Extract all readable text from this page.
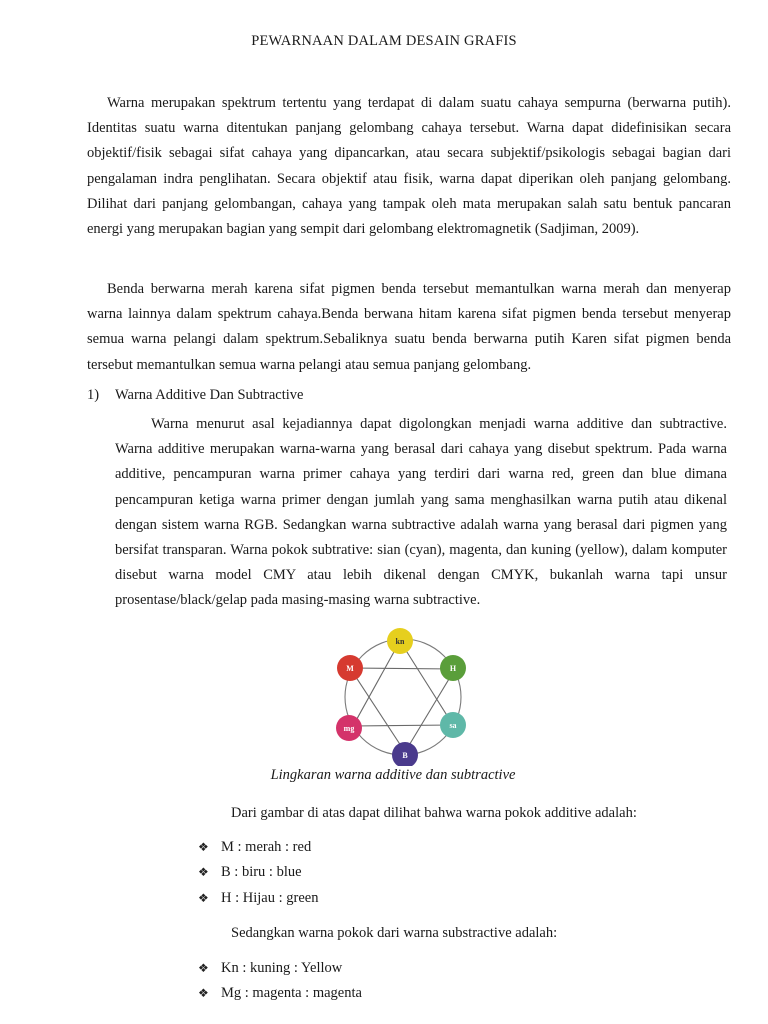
PEWARNAAN DALAM DESAIN GRAFIS

Warna merupakan spektrum tertentu yang terdapat di dalam suatu cahaya sempurna (berwarna putih). Identitas suatu warna ditentukan panjang gelombang cahaya tersebut. Warna dapat didefinisikan secara objektif/fisik sebagai sifat cahaya yang dipancarkan, atau secara subjektif/psikologis sebagai bagian dari pengalaman indra penglihatan. Secara objektif atau fisik, warna dapat diperikan oleh panjang gelombang. Dilihat dari panjang gelombangan, cahaya yang tampak oleh mata merupakan salah satu bentuk pancaran energi yang merupakan bagian yang sempit dari gelombang elektromagnetik (Sadjiman, 2009).

Benda berwarna merah karena sifat pigmen benda tersebut memantulkan warna merah dan menyerap warna lainnya dalam spektrum cahaya.Benda berwana hitam karena sifat pigmen benda tersebut menyerap semua warna pelangi dalam spektrum.Sebaliknya suatu benda berwarna putih Karen sifat pigmen benda tersebut memantulkan semua warna pelangi atau semua panjang gelombang.

1) Warna Additive Dan Subtractive

Warna menurut asal kejadiannya dapat digolongkan menjadi warna additive dan subtractive. Warna additive merupakan warna-warna yang berasal dari cahaya yang disebut spektrum. Pada warna additive, pencampuran warna primer cahaya yang terdiri dari warna red, green dan blue dimana pencampuran ketiga warna primer dengan jumlah yang sama menghasilkan warna putih atau dikenal dengan sistem warna RGB. Sedangkan warna subtractive adalah warna yang berasal dari pigmen yang bersifat transparan. Warna pokok subtrative: sian (cyan), magenta, dan kuning (yellow), dalam komputer disebut warna model CMY atau lebih dikenal dengan CMYK, bukanlah warna tapi unsur prosentase/black/gelap pada masing-masing warna subtractive.

kn
H
sa
B
mg
M
Lingkaran warna additive dan subtractive
Dari gambar di atas dapat dilihat bahwa warna pokok additive adalah:
❖ M : merah : red
❖ B : biru : blue
❖ H : Hijau : green
Sedangkan warna pokok dari warna substractive adalah:
❖ Kn : kuning : Yellow
❖ Mg : magenta : magenta
